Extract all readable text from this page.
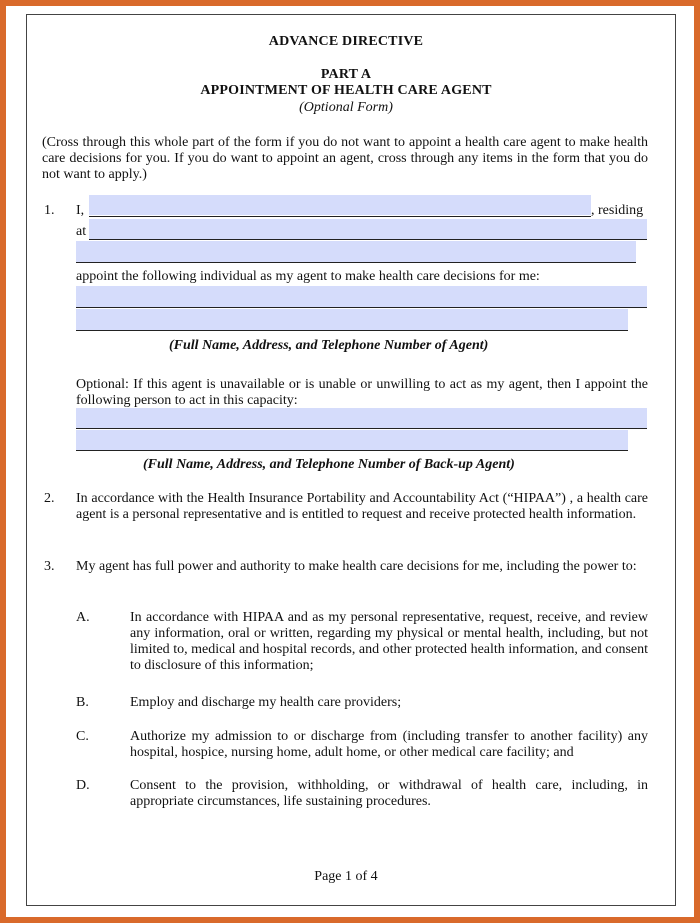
ADVANCE DIRECTIVE
PART A
APPOINTMENT OF HEALTH CARE AGENT
(Optional Form)
(Cross through this whole part of the form if you do not want to appoint a health care agent to make health care decisions for you. If you do want to appoint an agent, cross through any items in the form that you do not want to apply.)
1. I,	, residing
at
appoint the following individual as my agent to make health care decisions for me:
(Full Name, Address, and Telephone Number of Agent)
Optional: If this agent is unavailable or is unable or unwilling to act as my agent, then I appoint the following person to act in this capacity:
(Full Name, Address, and Telephone Number of Back-up Agent)
2. In accordance with the Health Insurance Portability and Accountability Act (“HIPAA”) , a health care agent is a personal representative and is entitled to request and receive protected health information.
3. My agent has full power and authority to make health care decisions for me, including the power to:
A.	In accordance with HIPAA and as my personal representative, request, receive, and review any information, oral or written, regarding my physical or mental health, including, but not limited to, medical and hospital records, and other protected health information, and consent to disclosure of this information;
B.	Employ and discharge my health care providers;
C.	Authorize my admission to or discharge from (including transfer to another facility) any hospital, hospice, nursing home, adult home, or other medical care facility; and
D.	Consent to the provision, withholding, or withdrawal of health care, including, in appropriate circumstances, life sustaining procedures.
Page 1 of 4
